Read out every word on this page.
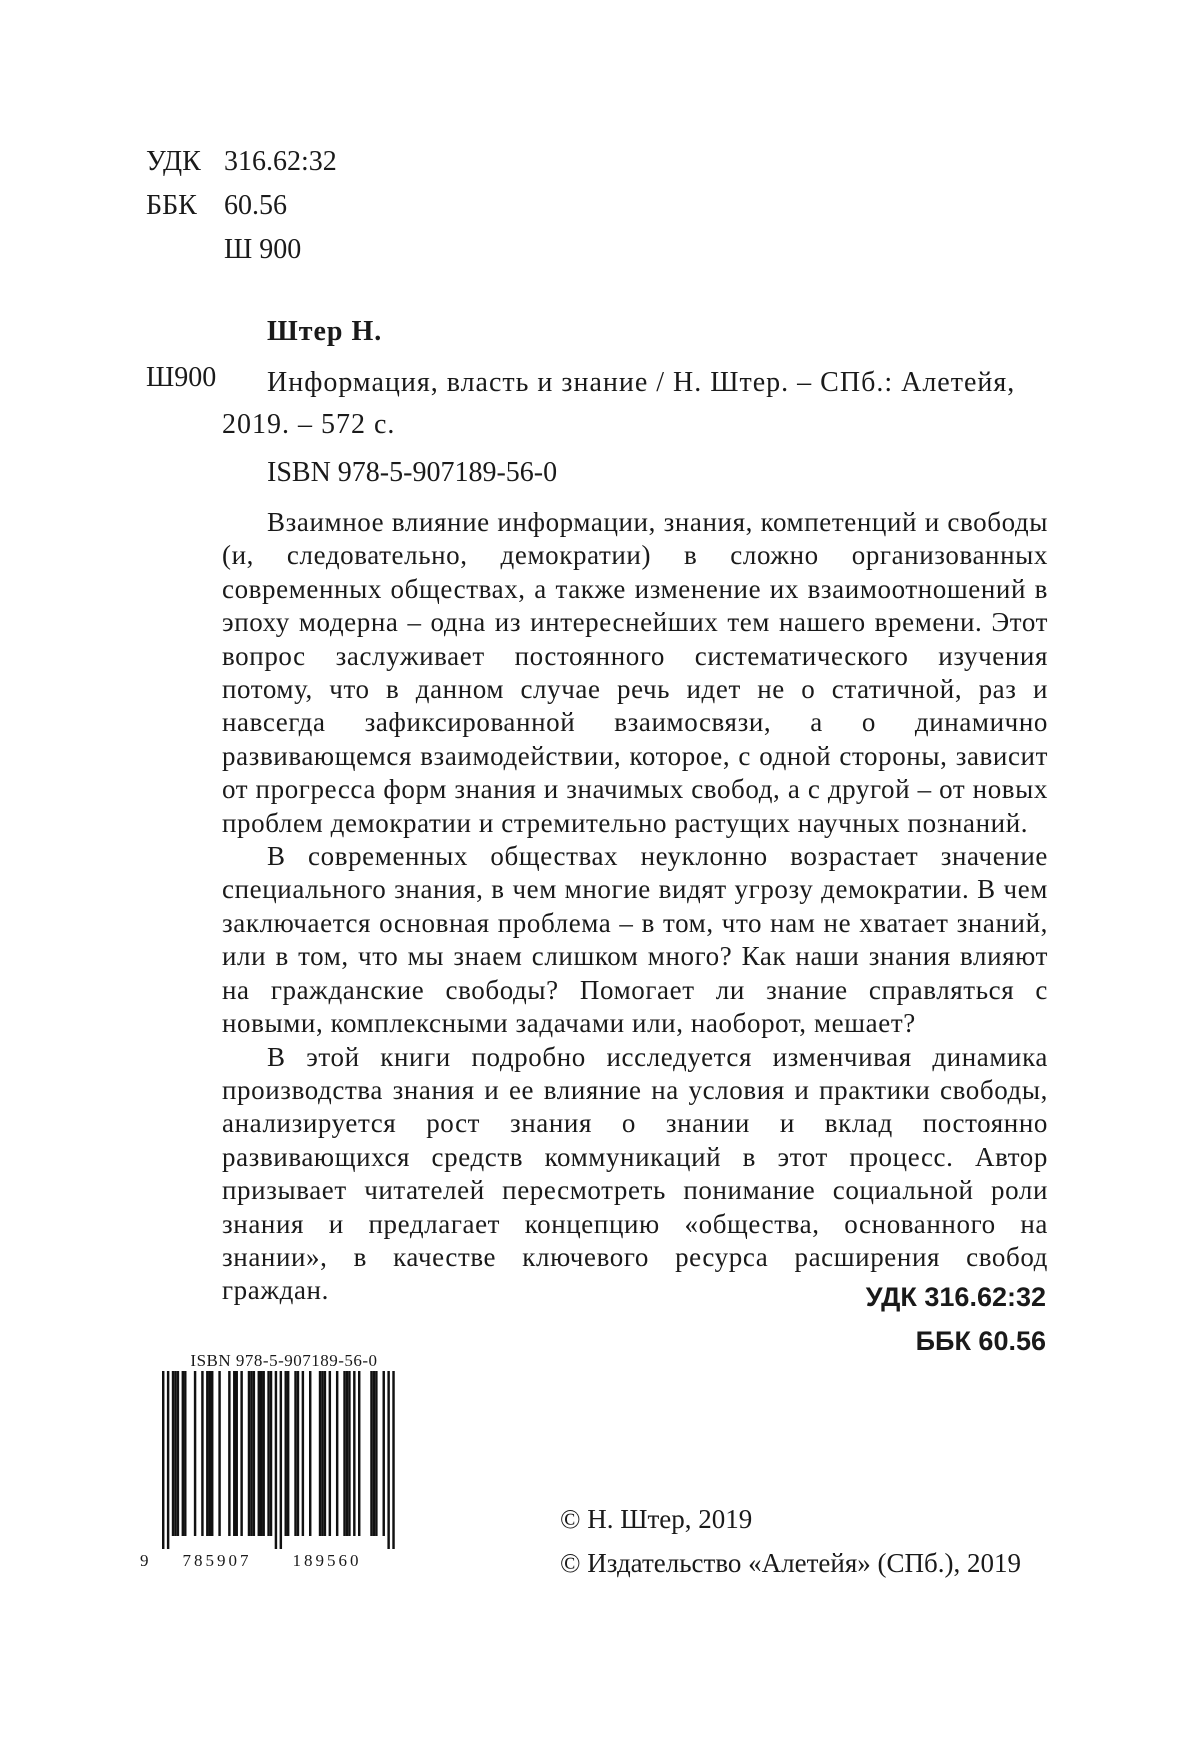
УДК 316.62:32
ББК 60.56
Ш 900
Штер Н.
Ш900	Информация, власть и знание / Н. Штер. – СПб.: Алетейя, 2019. – 572 с.

ISBN 978-5-907189-56-0

Взаимное влияние информации, знания, компетенций и свободы (и, следовательно, демократии) в сложно организованных современных обществах, а также изменение их взаимоотношений в эпоху модерна – одна из интереснейших тем нашего времени. Этот вопрос заслуживает постоянного систематического изучения потому, что в данном случае речь идет не о статичной, раз и навсегда зафиксированной взаимосвязи, а о динамично развивающемся взаимодействии, которое, с одной стороны, зависит от прогресса форм знания и значимых свобод, а с другой – от новых проблем демократии и стремительно растущих научных познаний.

В современных обществах неуклонно возрастает значение специального знания, в чем многие видят угрозу демократии. В чем заключается основная проблема – в том, что нам не хватает знаний, или в том, что мы знаем слишком много? Как наши знания влияют на гражданские свободы? Помогает ли знание справляться с новыми, комплексными задачами или, наоборот, мешает?

В этой книги подробно исследуется изменчивая динамика производства знания и ее влияние на условия и практики свободы, анализируется рост знания о знании и вклад постоянно развивающихся средств коммуникаций в этот процесс. Автор призывает читателей пересмотреть понимание социальной роли знания и предлагает концепцию «общества, основанного на знании», в качестве ключевого ресурса расширения свобод граждан.	УДК 316.62:32
ББК 60.56
ISBN 978-5-907189-56-0
9	785907	189560
© Н. Штер, 2019
© Издательство «Алетейя» (СПб.), 2019
